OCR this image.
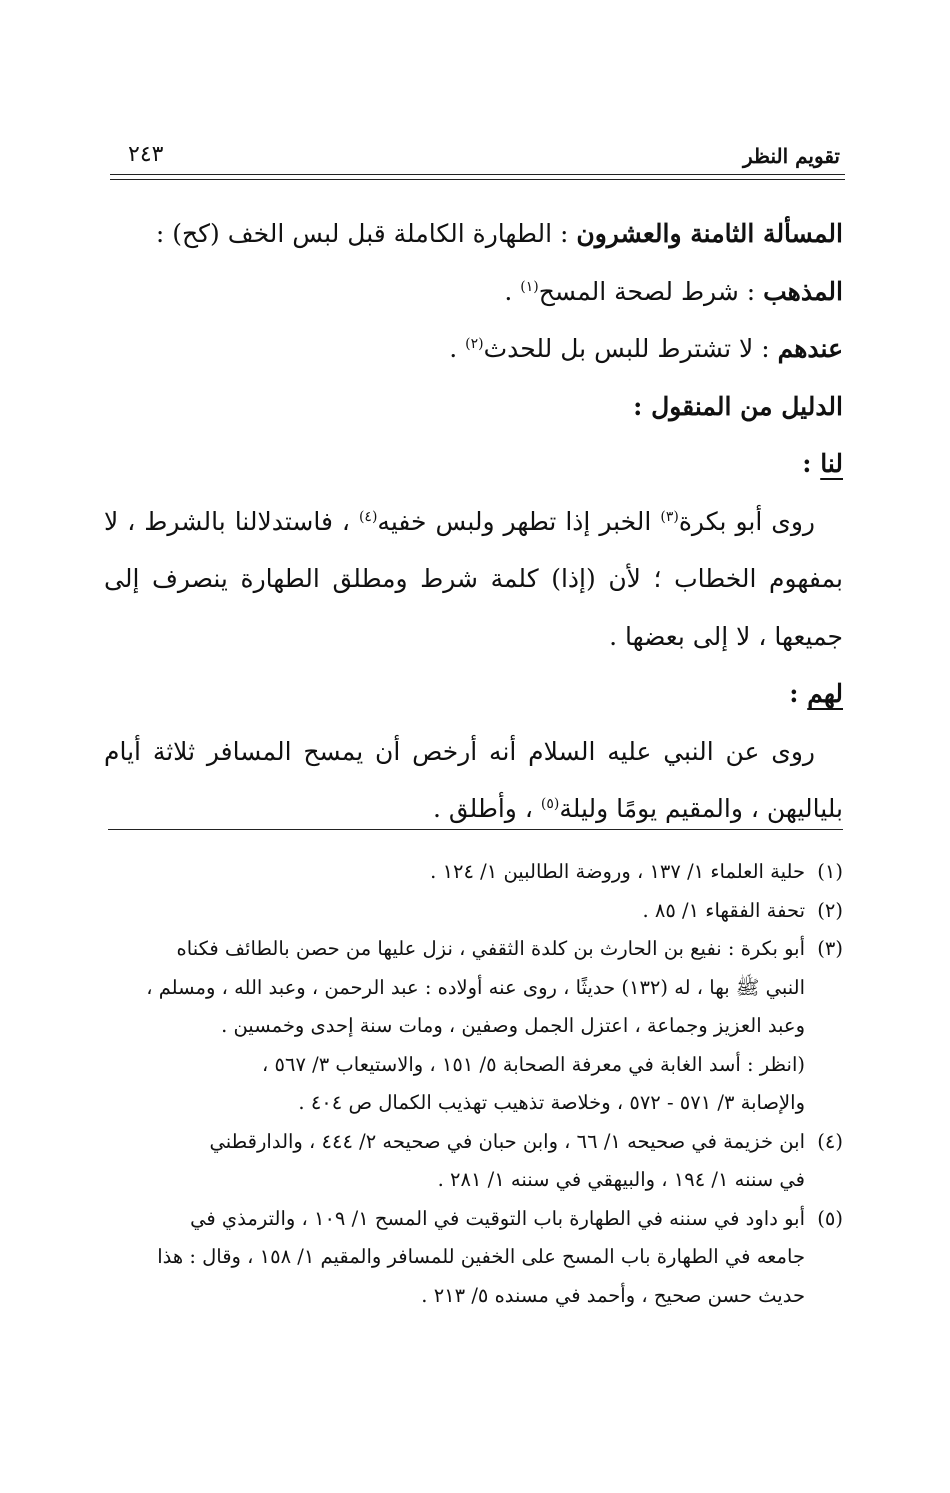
تقويم النظر
٢٤٣

المسألة الثامنة والعشرون : الطهارة الكاملة قبل لبس الخف (كح) :

المذهب : شرط لصحة المسح$^{(١)}$ .

عندهم : لا تشترط للبس بل للحدث$^{(٢)}$ .

الدليل من المنقول :

لنا :

روى أبو بكرة$^{(٣)}$ الخبر إذا تطهر ولبس خفيه$^{(٤)}$ ، فاستدلالنا بالشرط ، لا بمفهوم الخطاب ؛ لأن (إذا) كلمة شرط ومطلق الطهارة ينصرف إلى جميعها ، لا إلى بعضها .

لهم :

روى عن النبي عليه السلام أنه أرخص أن يمسح المسافر ثلاثة أيام بلياليهن ، والمقيم يومًا وليلة$^{(٥)}$ ، وأطلق .

(١)
حلية العلماء ١/ ١٣٧ ، وروضة الطالبين ١/ ١٢٤ .
(٢)
تحفة الفقهاء ١/ ٨٥ .
(٣)
أبو بكرة : نفيع بن الحارث بن كلدة الثقفي ، نزل عليها من حصن بالطائف فكناه
النبي ﷺ بها ، له (١٣٢) حديثًا ، روى عنه أولاده : عبد الرحمن ، وعبد الله ، ومسلم ،
وعبد العزيز وجماعة ، اعتزل الجمل وصفين ، ومات سنة إحدى وخمسين .
(انظر : أسد الغابة في معرفة الصحابة ٥/ ١٥١ ، والاستيعاب ٣/ ٥٦٧ ،
والإصابة ٣/ ٥٧١ - ٥٧٢ ، وخلاصة تذهيب تهذيب الكمال ص ٤٠٤ .
(٤)
ابن خزيمة في صحيحه ١/ ٦٦ ، وابن حبان في صحيحه ٢/ ٤٤٤ ، والدارقطني
في سننه ١/ ١٩٤ ، والبيهقي في سننه ١/ ٢٨١ .
(٥)
أبو داود في سننه في الطهارة باب التوقيت في المسح ١/ ١٠٩ ، والترمذي في
جامعه في الطهارة باب المسح على الخفين للمسافر والمقيم ١/ ١٥٨ ، وقال : هذا
حديث حسن صحيح ، وأحمد في مسنده ٥/ ٢١٣ .
